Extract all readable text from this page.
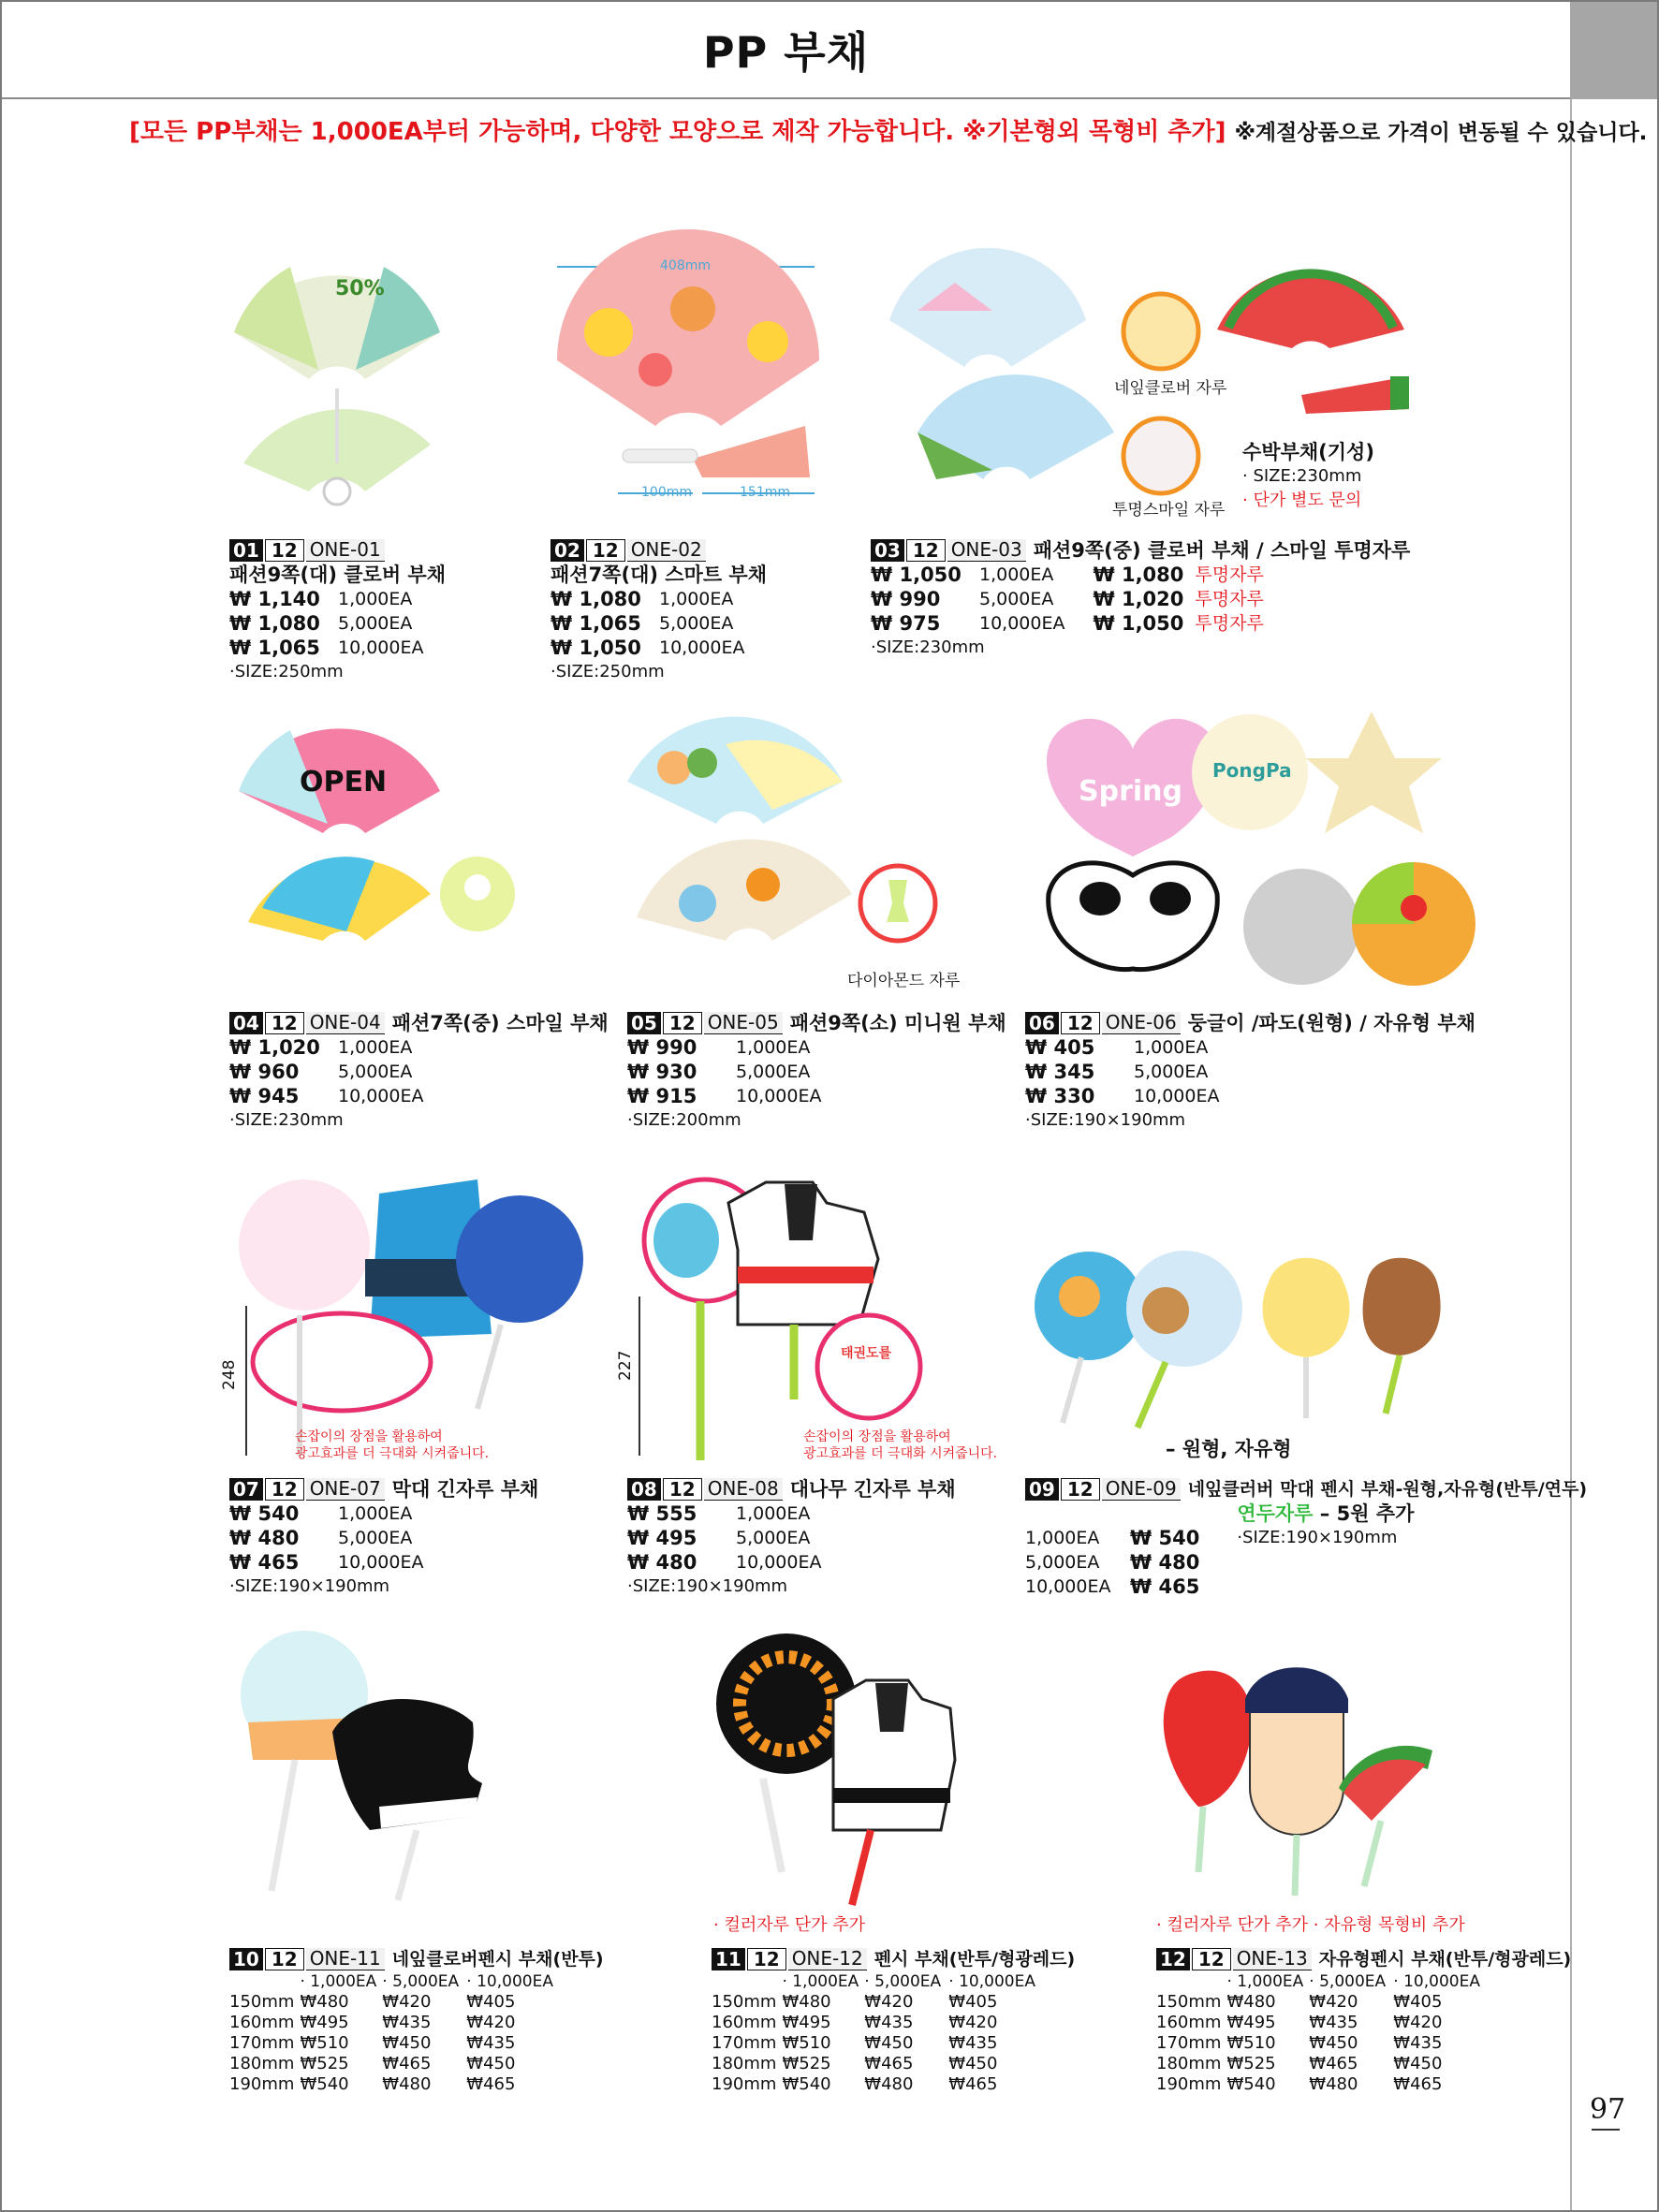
PP 부채
[모든 PP부채는 1,000EA부터 가능하며, 다양한 모양으로 제작 가능합니다. ※기본형외 목형비 추가] ※계절상품으로 가격이 변동될 수 있습니다.
50%
OPEN	Spring
PongPa
248
태권도를
227
408mm
100mm	151mm
네잎클로버 자루
투명스마일 자루
다이아몬드 자루
손잡이의 장점을 활용하여
광고효과를 더 극대화 시켜줍니다.
손잡이의 장점을 활용하여
광고효과를 더 극대화 시켜줍니다.	– 원형, 자유형
· 컬러자루 단가 추가	· 컬러자루 단가 추가 · 자유형 목형비 추가
수박부채(기성)
· SIZE:230mm
· 단가 별도 문의
01 12 ONE-01
패션9쪽(대) 클로버 부채
₩ 1,140	1,000EA
₩ 1,080	5,000EA
₩ 1,065	10,000EA
·SIZE:250mm
02 12 ONE-02
패션7쪽(대) 스마트 부채
₩ 1,080	1,000EA
₩ 1,065	5,000EA
₩ 1,050	10,000EA
·SIZE:250mm
03 12 ONE-03 패션9쪽(중) 클로버 부채 / 스마일 투명자루
₩ 1,050	1,000EA
₩ 990	5,000EA
₩ 975	10,000EA
₩ 1,080 투명자루
₩ 1,020 투명자루
₩ 1,050 투명자루
·SIZE:230mm
04 12 ONE-04 패션7쪽(중) 스마일 부채
₩ 1,020	1,000EA
₩ 960	5,000EA
₩ 945	10,000EA
·SIZE:230mm
05 12 ONE-05 패션9쪽(소) 미니원 부채
₩ 990	1,000EA
₩ 930	5,000EA
₩ 915	10,000EA
·SIZE:200mm
06 12 ONE-06 둥글이 /파도(원형) / 자유형 부채
₩ 405	1,000EA
₩ 345	5,000EA
₩ 330	10,000EA
·SIZE:190×190mm
07 12 ONE-07 막대 긴자루 부채
₩ 540	1,000EA
₩ 480	5,000EA
₩ 465	10,000EA
·SIZE:190×190mm
08 12 ONE-08 대나무 긴자루 부채
₩ 555	1,000EA
₩ 495	5,000EA
₩ 480	10,000EA
·SIZE:190×190mm
09 12 ONE-09 네잎클러버 막대 펜시 부채-원형,자유형(반투/연두)
1,000EA	₩ 540
5,000EA	₩ 480
10,000EA ₩ 465
연두자루 – 5원 추가
·SIZE:190×190mm
10 12 ONE-11 네잎클로버펜시 부채(반투)
	· 1,000EA	· 5,000EA	· 10,000EA
150mm	₩480	₩420	₩405
160mm	₩495	₩435	₩420
170mm	₩510	₩450	₩435
180mm	₩525	₩465	₩450
190mm	₩540	₩480	₩465
11 12 ONE-12 펜시 부채(반투/형광레드)
	· 1,000EA	· 5,000EA	· 10,000EA
150mm	₩480	₩420	₩405
160mm	₩495	₩435	₩420
170mm	₩510	₩450	₩435
180mm	₩525	₩465	₩450
190mm	₩540	₩480	₩465
12 12 ONE-13 자유형펜시 부채(반투/형광레드)
	· 1,000EA	· 5,000EA	· 10,000EA
150mm	₩480	₩420	₩405
160mm	₩495	₩435	₩420
170mm	₩510	₩450	₩435
180mm	₩525	₩465	₩450
190mm	₩540	₩480	₩465
97
